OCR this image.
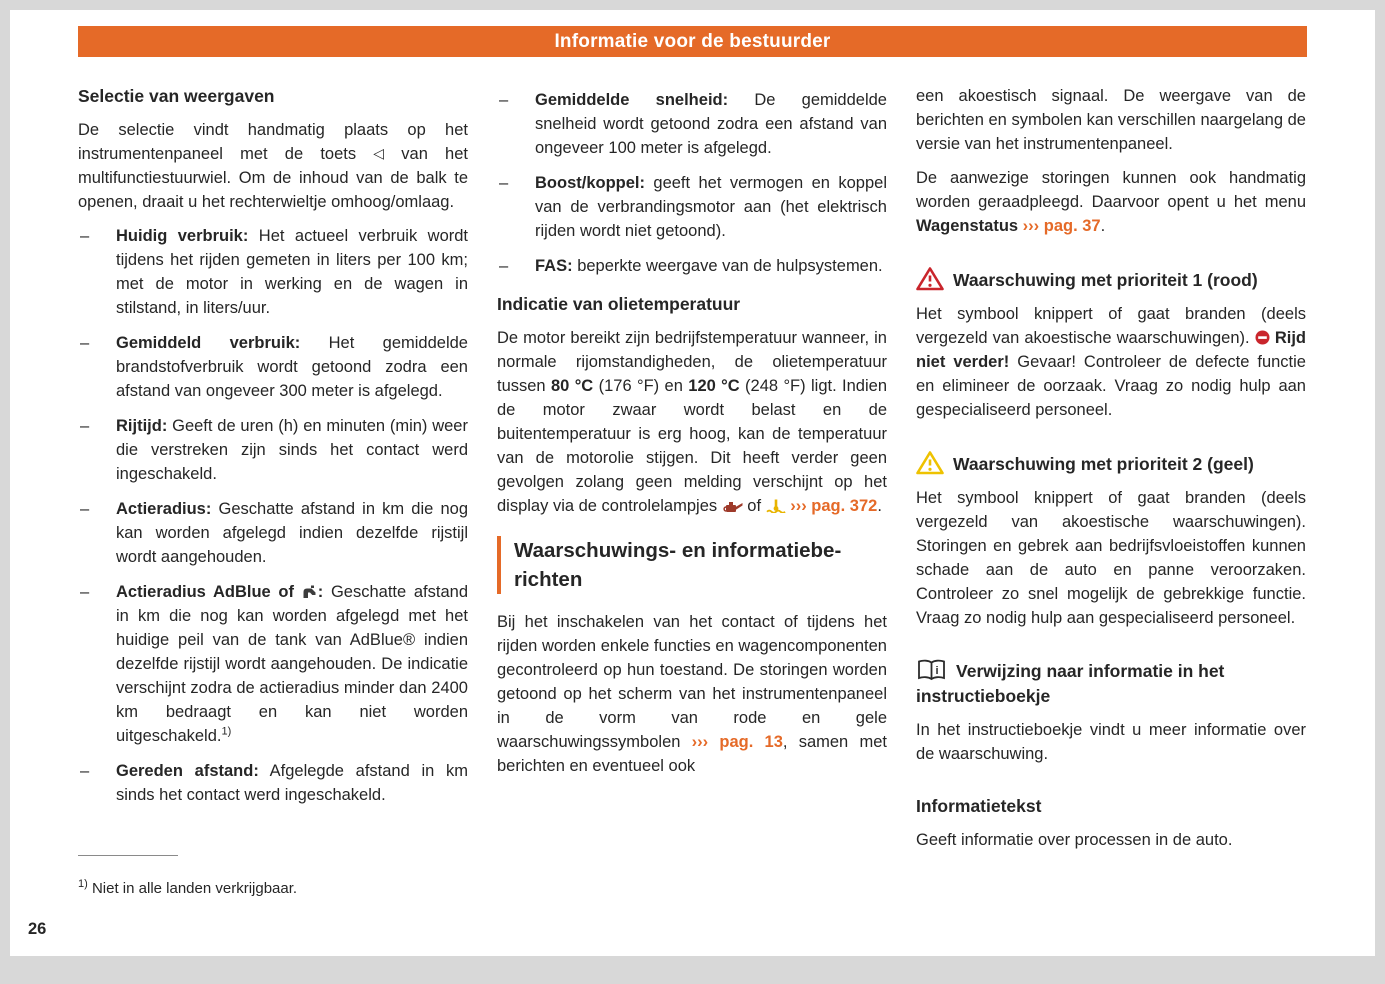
Informatie voor de bestuurder
Selectie van weergaven

De selectie vindt handmatig plaats op het instrumentenpaneel met de toets ◁ van het multifunctiestuurwiel. Om de inhoud van de balk te openen, draait u het rechterwieltje omhoog/omlaag.

– Huidig verbruik: Het actueel verbruik wordt tijdens het rijden gemeten in liters per 100 km; met de motor in werking en de wagen in stilstand, in liters/uur.
– Gemiddeld verbruik: Het gemiddelde brandstofverbruik wordt getoond zodra een afstand van ongeveer 300 meter is afgelegd.
– Rijtijd: Geeft de uren (h) en minuten (min) weer die verstreken zijn sinds het contact werd ingeschakeld.
– Actieradius: Geschatte afstand in km die nog kan worden afgelegd indien dezelfde rijstijl wordt aangehouden.
– Actieradius AdBlue of : Geschatte afstand in km die nog kan worden afgelegd met het huidige peil van de tank van AdBlue® indien dezelfde rijstijl wordt aangehouden. De indicatie verschijnt zodra de actieradius minder dan 2400 km bedraagt en kan niet worden uitgeschakeld.$^{1)}$
– Gereden afstand: Afgelegde afstand in km sinds het contact werd ingeschakeld.
– Gemiddelde snelheid: De gemiddelde snelheid wordt getoond zodra een afstand van ongeveer 100 meter is afgelegd.
– Boost/koppel: geeft het vermogen en koppel van de verbrandingsmotor aan (het elektrisch rijden wordt niet getoond).
– FAS: beperkte weergave van de hulpsystemen.
Indicatie van olietemperatuur

De motor bereikt zijn bedrijfstemperatuur wanneer, in normale rijomstandigheden, de olietemperatuur tussen 80 °C (176 °F) en 120 °C (248 °F) ligt. Indien de motor zwaar wordt belast en de buitentemperatuur is erg hoog, kan de temperatuur van de motorolie stijgen. Dit heeft verder geen gevolgen zolang geen melding verschijnt op het display via de controlelampjes  of  ››› pag. 372.

Waarschuwings- en informatieberichten

Bij het inschakelen van het contact of tijdens het rijden worden enkele functies en wagencomponenten gecontroleerd op hun toestand. De storingen worden getoond op het scherm van het instrumentenpaneel in de vorm van rode en gele waarschuwingssymbolen ››› pag. 13, samen met berichten en eventueel ook

een akoestisch signaal. De weergave van de berichten en symbolen kan verschillen naargelang de versie van het instrumentenpaneel.

De aanwezige storingen kunnen ook handmatig worden geraadpleegd. Daarvoor opent u het menu Wagenstatus ››› pag. 37.

Waarschuwing met prioriteit 1 (rood)

Het symbool knippert of gaat branden (deels vergezeld van akoestische waarschuwingen).  Rijd niet verder! Gevaar! Controleer de defecte functie en elimineer de oorzaak. Vraag zo nodig hulp aan gespecialiseerd personeel.

Waarschuwing met prioriteit 2 (geel)

Het symbool knippert of gaat branden (deels vergezeld van akoestische waarschuwingen). Storingen en gebrek aan bedrijfsvloeistoffen kunnen schade aan de auto en panne veroorzaken. Controleer zo snel mogelijk de gebrekkige functie. Vraag zo nodig hulp aan gespecialiseerd personeel.

i Verwijzing naar informatie in het instructieboekje

In het instructieboekje vindt u meer informatie over de waarschuwing.

Informatietekst

Geeft informatie over processen in de auto.

$^{1)}$ Niet in alle landen verkrijgbaar.

26
